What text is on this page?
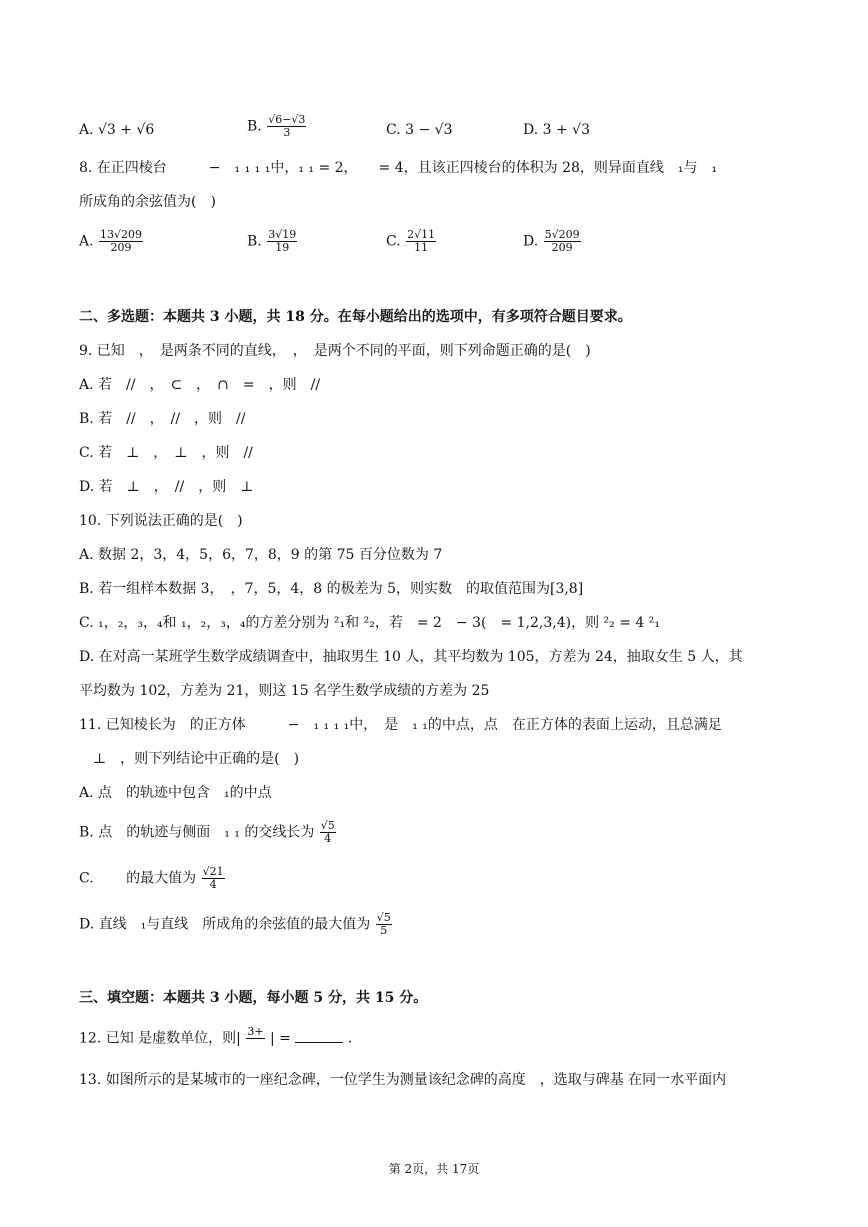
A. √3 + √6	B. $\frac{√6-√3}{3}$	C. 3 − √3	D. 3 + √3
8. 在正四棱台　　　−　₁ ₁ ₁ ₁中，₁ ₁ = 2，　　= 4，且该正四棱台的体积为 28，则异面直线　₁与　₁
所成角的余弦值为(　)
A. $\frac{13√209}{209}$	B. $\frac{3√19}{19}$	C. $\frac{2√11}{11}$	D. $\frac{5√209}{209}$
二、多选题：本题共 3 小题，共 18 分。在每小题给出的选项中，有多项符合题目要求。
9. 已知　，　是两条不同的直线，　，　是两个不同的平面，则下列命题正确的是(　)
A. 若　//　，　⊂　，　∩　=　，则　//
B. 若　//　，　//　，则　//
C. 若　⊥　，　⊥　，则　//
D. 若　⊥　，　//　，则　⊥
10. 下列说法正确的是(　)
A. 数据 2，3，4，5，6，7，8，9 的第 75 百分位数为 7
B. 若一组样本数据 3，　，7，5，4，8 的极差为 5，则实数　的取值范围为[3,8]
C. ₁，₂，₃，₄和 ₁，₂，₃，₄的方差分别为 ²₁和 ²₂，若　= 2　− 3(　= 1,2,3,4)，则 ²₂ = 4 ²₁
D. 在对高一某班学生数学成绩调查中，抽取男生 10 人，其平均数为 105，方差为 24，抽取女生 5 人，其
平均数为 102，方差为 21，则这 15 名学生数学成绩的方差为 25
11. 已知棱长为　的正方体　　　−　₁ ₁ ₁ ₁中，　是　₁ ₁的中点，点　在正方体的表面上运动，且总满足
　⊥　，则下列结论中正确的是(　)
A. 点　的轨迹中包含　₁的中点
B. 点　的轨迹与侧面　₁ ₁ 的交线长为 $\frac{√5}{4}$
C. 　　的最大值为 $\frac{√21}{4}$
D. 直线　₁与直线　所成角的余弦值的最大值为 $\frac{√5}{5}$
三、填空题：本题共 3 小题，每小题 5 分，共 15 分。
12. 已知 是虚数单位，则| 3+ | =	.
13. 如图所示的是某城市的一座纪念碑，一位学生为测量该纪念碑的高度　，选取与碑基 在同一水平面内
第 2页，共 17页
